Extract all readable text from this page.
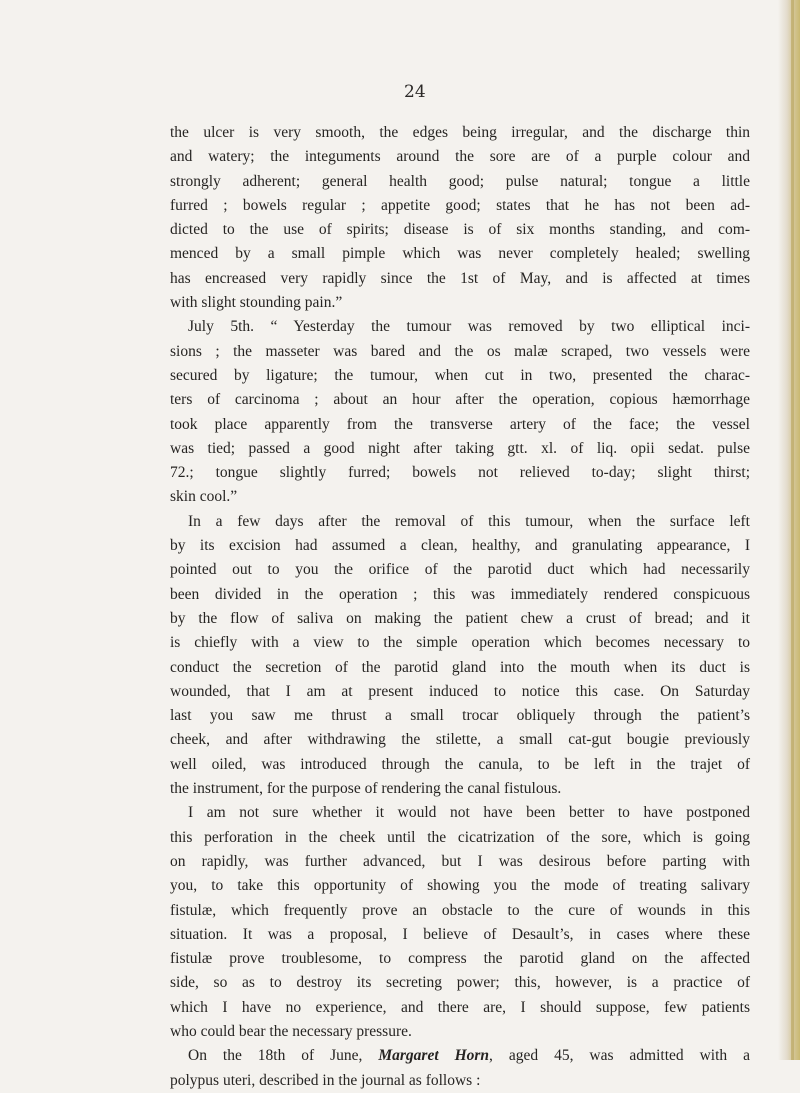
24
the ulcer is very smooth, the edges being irregular, and the discharge thin
and watery; the integuments around the sore are of a purple colour and
strongly adherent; general health good; pulse natural; tongue a little
furred ; bowels regular ; appetite good; states that he has not been ad-
dicted to the use of spirits; disease is of six months standing, and com-
menced by a small pimple which was never completely healed; swelling
has encreased very rapidly since the 1st of May, and is affected at times
with slight stounding pain.”
July 5th. “ Yesterday the tumour was removed by two elliptical inci-
sions ; the masseter was bared and the os malæ scraped, two vessels were
secured by ligature; the tumour, when cut in two, presented the charac-
ters of carcinoma ; about an hour after the operation, copious hæmorrhage
took place apparently from the transverse artery of the face; the vessel
was tied; passed a good night after taking gtt. xl. of liq. opii sedat. pulse
72.; tongue slightly furred; bowels not relieved to-day; slight thirst;
skin cool.”
In a few days after the removal of this tumour, when the surface left
by its excision had assumed a clean, healthy, and granulating appearance, I
pointed out to you the orifice of the parotid duct which had necessarily
been divided in the operation ; this was immediately rendered conspicuous
by the flow of saliva on making the patient chew a crust of bread; and it
is chiefly with a view to the simple operation which becomes necessary to
conduct the secretion of the parotid gland into the mouth when its duct is
wounded, that I am at present induced to notice this case. On Saturday
last you saw me thrust a small trocar obliquely through the patient’s
cheek, and after withdrawing the stilette, a small cat-gut bougie previously
well oiled, was introduced through the canula, to be left in the trajet of
the instrument, for the purpose of rendering the canal fistulous.
I am not sure whether it would not have been better to have postponed
this perforation in the cheek until the cicatrization of the sore, which is going
on rapidly, was further advanced, but I was desirous before parting with
you, to take this opportunity of showing you the mode of treating salivary
fistulæ, which frequently prove an obstacle to the cure of wounds in this
situation. It was a proposal, I believe of Desault’s, in cases where these
fistulæ prove troublesome, to compress the parotid gland on the affected
side, so as to destroy its secreting power; this, however, is a practice of
which I have no experience, and there are, I should suppose, few patients
who could bear the necessary pressure.
On the 18th of June, Margaret Horn, aged 45, was admitted with a
polypus uteri, described in the journal as follows :
